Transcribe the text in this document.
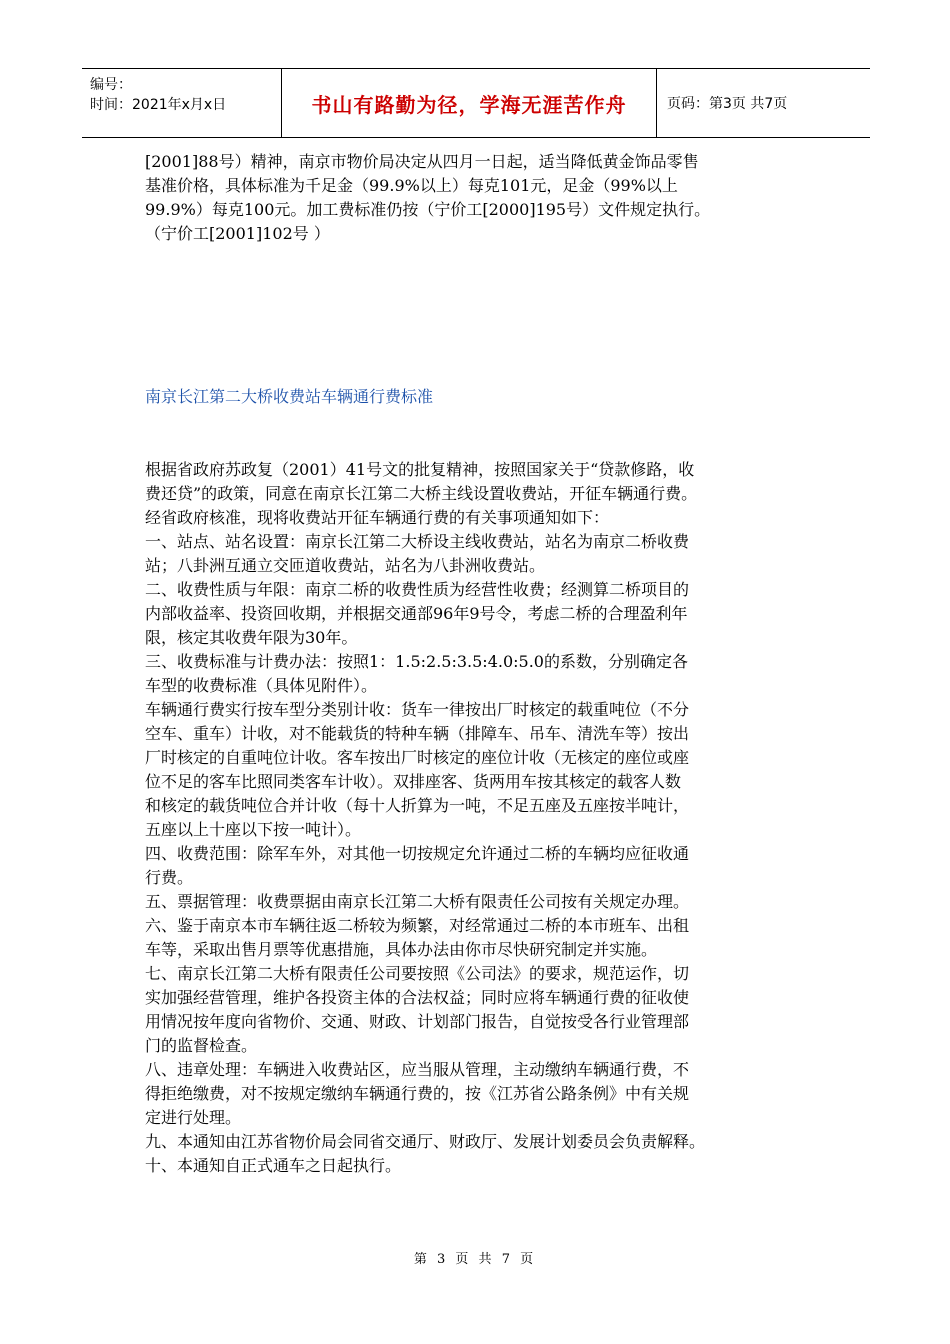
编号：
时间：2021年x月x日	书山有路勤为径，学海无涯苦作舟	页码：第3页 共7页

[2001]88号）精神，南京市物价局决定从四月一日起，适当降低黄金饰品零售

基准价格，具体标准为千足金（99.9%以上）每克101元，足金（99%以上

99.9%）每克100元。加工费标准仍按（宁价工[2000]195号）文件规定执行。

（宁价工[2001]102号 ）

南京长江第二大桥收费站车辆通行费标准

根据省政府苏政复（2001）41号文的批复精神，按照国家关于“贷款修路，收

费还贷”的政策，同意在南京长江第二大桥主线设置收费站，开征车辆通行费。

经省政府核准，现将收费站开征车辆通行费的有关事项通知如下：

一、站点、站名设置：南京长江第二大桥设主线收费站，站名为南京二桥收费

站；八卦洲互通立交匝道收费站，站名为八卦洲收费站。

二、收费性质与年限：南京二桥的收费性质为经营性收费；经测算二桥项目的

内部收益率、投资回收期，并根据交通部96年9号令，考虑二桥的合理盈利年

限，核定其收费年限为30年。

三、收费标准与计费办法：按照1：1.5:2.5:3.5:4.0:5.0的系数，分别确定各

车型的收费标准（具体见附件）。

车辆通行费实行按车型分类别计收：货车一律按出厂时核定的载重吨位（不分

空车、重车）计收，对不能载货的特种车辆（排障车、吊车、清洗车等）按出

厂时核定的自重吨位计收。客车按出厂时核定的座位计收（无核定的座位或座

位不足的客车比照同类客车计收）。双排座客、货两用车按其核定的载客人数

和核定的载货吨位合并计收（每十人折算为一吨，不足五座及五座按半吨计，

五座以上十座以下按一吨计）。

四、收费范围：除军车外，对其他一切按规定允许通过二桥的车辆均应征收通

行费。

五、票据管理：收费票据由南京长江第二大桥有限责任公司按有关规定办理。

六、鉴于南京本市车辆往返二桥较为频繁，对经常通过二桥的本市班车、出租

车等，采取出售月票等优惠措施，具体办法由你市尽快研究制定并实施。

七、南京长江第二大桥有限责任公司要按照《公司法》的要求，规范运作，切

实加强经营管理，维护各投资主体的合法权益；同时应将车辆通行费的征收使

用情况按年度向省物价、交通、财政、计划部门报告，自觉按受各行业管理部

门的监督检查。

八、违章处理：车辆进入收费站区，应当服从管理，主动缴纳车辆通行费，不

得拒绝缴费，对不按规定缴纳车辆通行费的，按《江苏省公路条例》中有关规

定进行处理。

九、本通知由江苏省物价局会同省交通厅、财政厅、发展计划委员会负责解释。

十、本通知自正式通车之日起执行。

第 3 页 共 7 页
